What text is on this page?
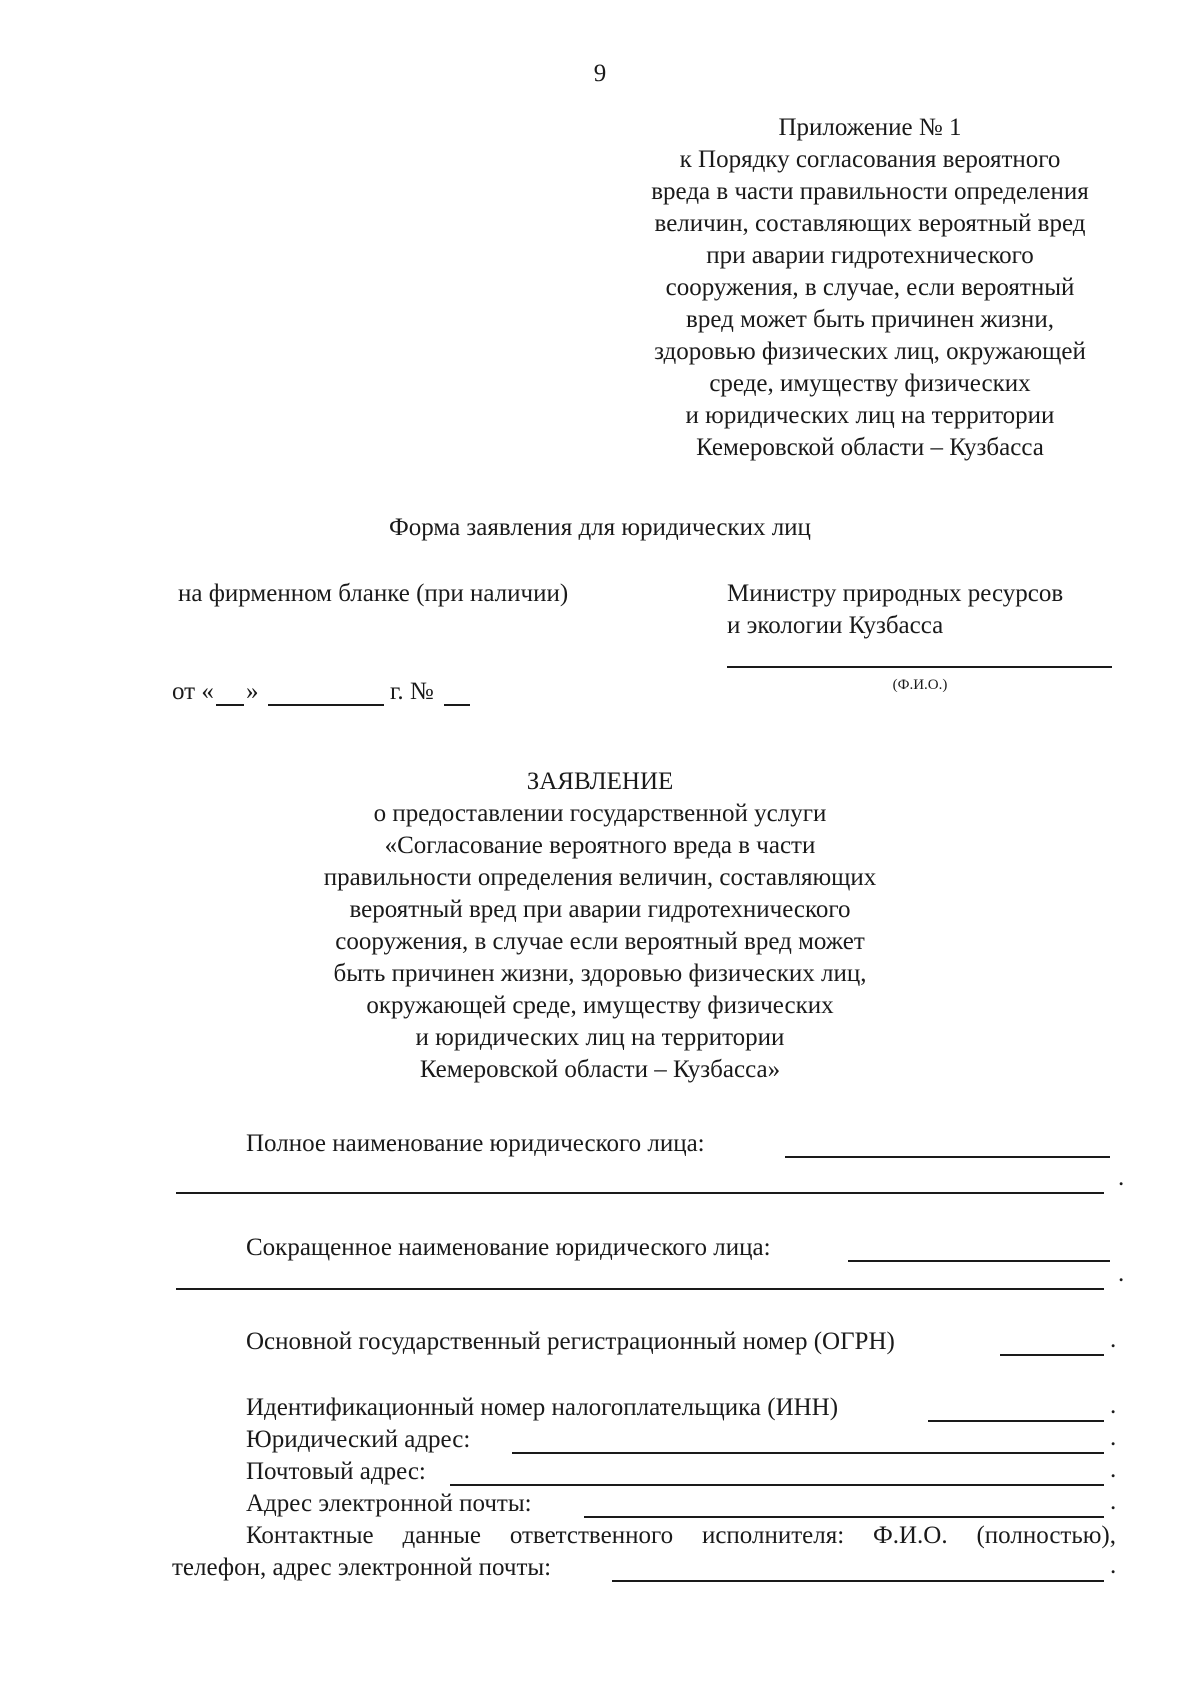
9
Приложение № 1
к Порядку согласования вероятного
вреда в части правильности определения
величин, составляющих вероятный вред
при аварии гидротехнического
сооружения, в случае, если вероятный
вред может быть причинен жизни,
здоровью физических лиц, окружающей
среде, имуществу физических
и юридических лиц на территории
Кемеровской области – Кузбасса
Форма заявления для юридических лиц
на фирменном бланке (при наличии)	Министру природных ресурсов
и экологии Кузбасса
(Ф.И.О.)
от « »	г. №
ЗАЯВЛЕНИЕ
о предоставлении государственной услуги
«Согласование вероятного вреда в части
правильности определения величин, составляющих
вероятный вред при аварии гидротехнического
сооружения, в случае если вероятный вред может
быть причинен жизни, здоровью физических лиц,
окружающей среде, имуществу физических
и юридических лиц на территории
Кемеровской области – Кузбасса»
Полное наименование юридического лица:
.
Сокращенное наименование юридического лица:
.
Основной государственный регистрационный номер (ОГРН)	.
Идентификационный номер налогоплательщика (ИНН)	.
Юридический адрес:	.
Почтовый адрес:	.
Адрес электронной почты:	.
Контактные данные ответственного исполнителя: Ф.И.О. (полностью),
телефон, адрес электронной почты:	.
